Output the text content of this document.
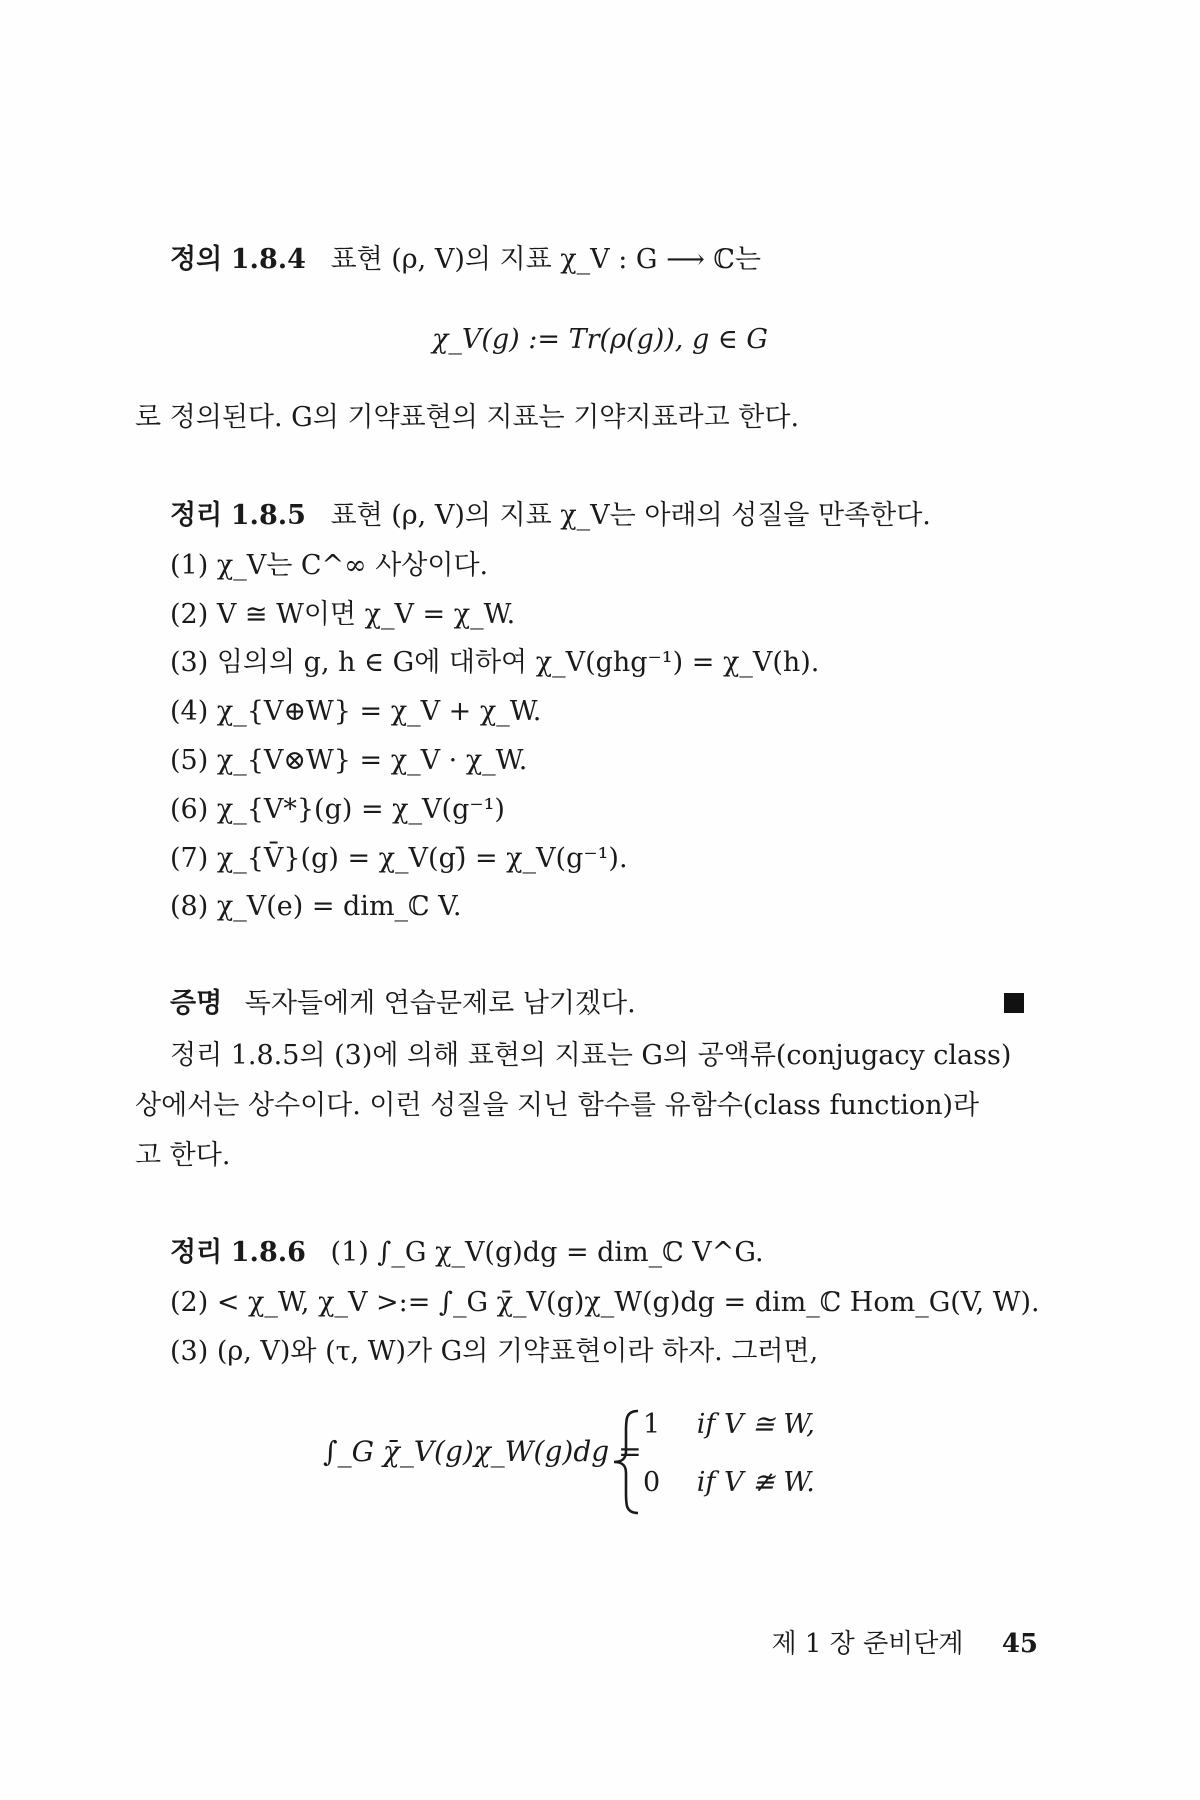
정의 1.8.4 표현 (ρ, V)의 지표 χ_V : G ⟶ ℂ는
χ_V(g) := Tr(ρ(g)), g ∈ G
로 정의된다. G의 기약표현의 지표는 기약지표라고 한다.
정리 1.8.5 표현 (ρ, V)의 지표 χ_V는 아래의 성질을 만족한다.
(1) χ_V는 C^∞ 사상이다.
(2) V ≅ W이면 χ_V = χ_W.
(3) 임의의 g, h ∈ G에 대하여 χ_V(ghg⁻¹) = χ_V(h).
(4) χ_{V⊕W} = χ_V + χ_W.
(5) χ_{V⊗W} = χ_V · χ_W.
(6) χ_{V*}(g) = χ_V(g⁻¹)
(7) χ_{V̄}(g) = χ_V(g)̄ = χ_V(g⁻¹).
(8) χ_V(e) = dim_ℂ V.
증명 독자들에게 연습문제로 남기겠다.
정리 1.8.5의 (3)에 의해 표현의 지표는 G의 공액류(conjugacy class)
상에서는 상수이다. 이런 성질을 지닌 함수를 유함수(class function)라
고 한다.
정리 1.8.6 (1) ∫_G χ_V(g)dg = dim_ℂ V^G.
(2) < χ_W, χ_V >:= ∫_G χ̄_V(g)χ_W(g)dg = dim_ℂ Hom_G(V, W).
(3) (ρ, V)와 (τ, W)가 G의 기약표현이라 하자. 그러면,
∫_G χ̄_V(g)χ_W(g)dg =
1 if V ≅ W,
0 if V ≇ W.
제 1 장 준비단계 45
